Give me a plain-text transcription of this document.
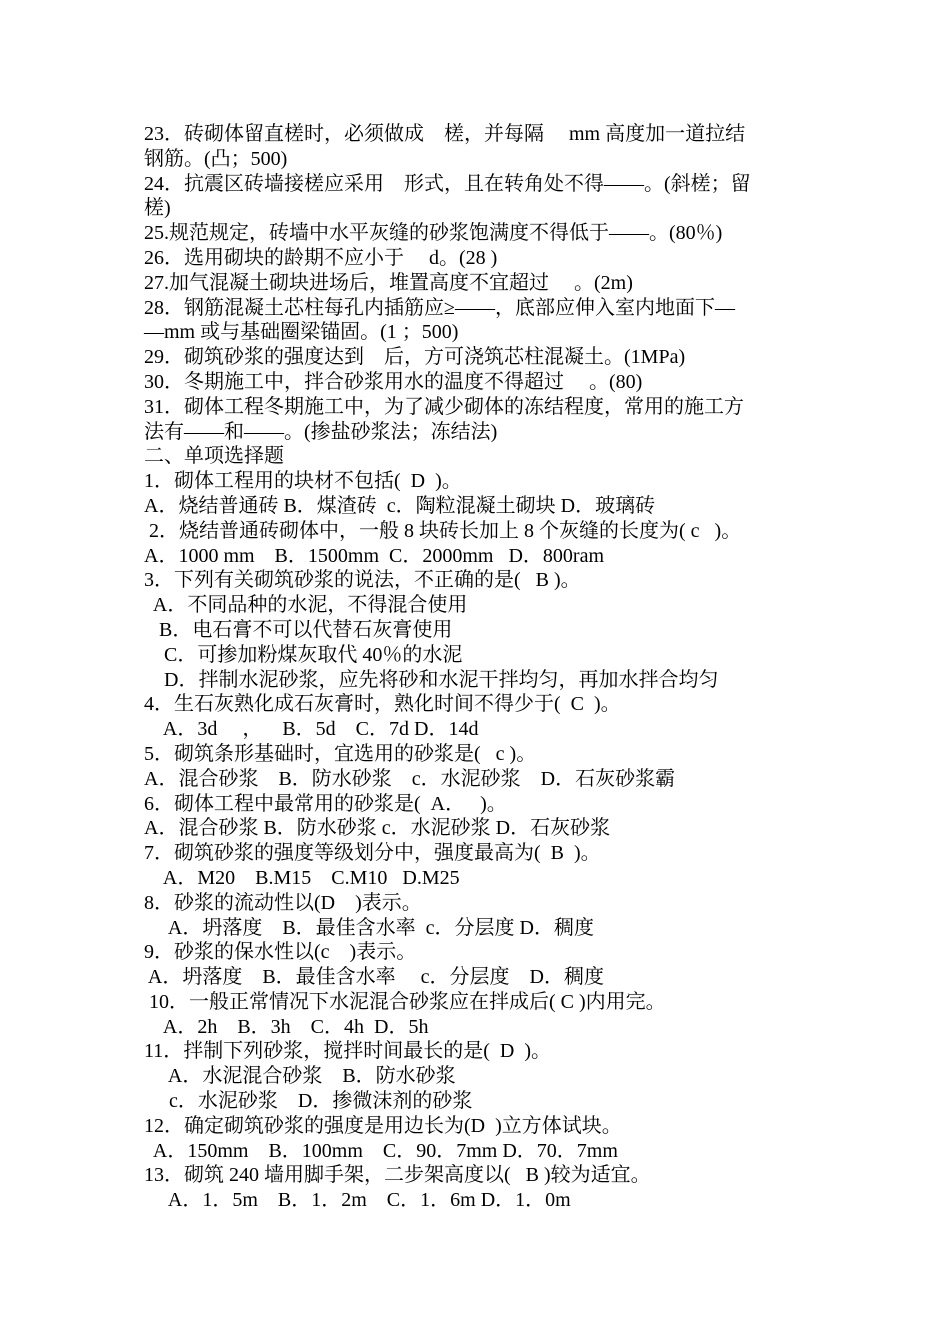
23．砖砌体留直槎时，必须做成　槎，并每隔　 mm 高度加一道拉结
钢筋。(凸；500)
24．抗震区砖墙接槎应采用　形式，且在转角处不得——。(斜槎；留
槎)
25.规范规定，砖墙中水平灰缝的砂浆饱满度不得低于——。(80％)
26．选用砌块的龄期不应小于　 d。(28 )
27.加气混凝土砌块进场后，堆置高度不宜超过　 。(2m)
28．钢筋混凝土芯柱每孔内插筋应≥——，底部应伸入室内地面下—
—mm 或与基础圈梁锚固。(1 ；500)
29．砌筑砂浆的强度达到　后，方可浇筑芯柱混凝土。(1MPa)
30．冬期施工中，拌合砂浆用水的温度不得超过　 。(80)
31．砌体工程冬期施工中，为了减少砌体的冻结程度，常用的施工方
法有——和——。(掺盐砂浆法；冻结法)
二、单项选择题
1．砌体工程用的块材不包括(  D  )。
A．烧结普通砖 B．煤渣砖  c．陶粒混凝土砌块 D．玻璃砖
2．烧结普通砖砌体中，一般 8 块砖长加上 8 个灰缝的长度为( c   )。
A．1000 mm    B．1500mm  C．2000mm   D．800ram
3．下列有关砌筑砂浆的说法，不正确的是(   B )。
A．不同品种的水泥，不得混合使用
B．电石膏不可以代替石灰膏使用
C．可掺加粉煤灰取代 40％的水泥
D．拌制水泥砂浆，应先将砂和水泥干拌均匀，再加水拌合均匀
4．生石灰熟化成石灰膏时，熟化时间不得少于(  C  )。
A．3d     ，    B．5d    C．7d D．14d
5．砌筑条形基础时，宜选用的砂浆是(   c )。
A．混合砂浆    B．防水砂浆    c．水泥砂浆    D．石灰砂浆霸
6．砌体工程中最常用的砂浆是(  A．   )。
A．混合砂浆 B．防水砂浆 c．水泥砂浆 D．石灰砂浆
7．砌筑砂浆的强度等级划分中，强度最高为(  B  )。
A．M20    B.M15    C.M10   D.M25
8．砂浆的流动性以(D    )表示。
A．坍落度    B．最佳含水率  c．分层度 D．稠度
9．砂浆的保水性以(c    )表示。
A．坍落度    B．最佳含水率     c．分层度    D．稠度
10．一般正常情况下水泥混合砂浆应在拌成后( C )内用完。
A．2h    B．3h    C．4h  D．5h
11．拌制下列砂浆，搅拌时间最长的是(  D  )。
A．水泥混合砂浆    B．防水砂浆
c．水泥砂浆    D．掺微沫剂的砂浆
12．确定砌筑砂浆的强度是用边长为(D  )立方体试块。
A．150mm    B．100mm    C．90．7mm D．70．7mm
13．砌筑 240 墙用脚手架，二步架高度以(   B )较为适宜。
A．1．5m    B．1．2m    C．1．6m D．1．0m
